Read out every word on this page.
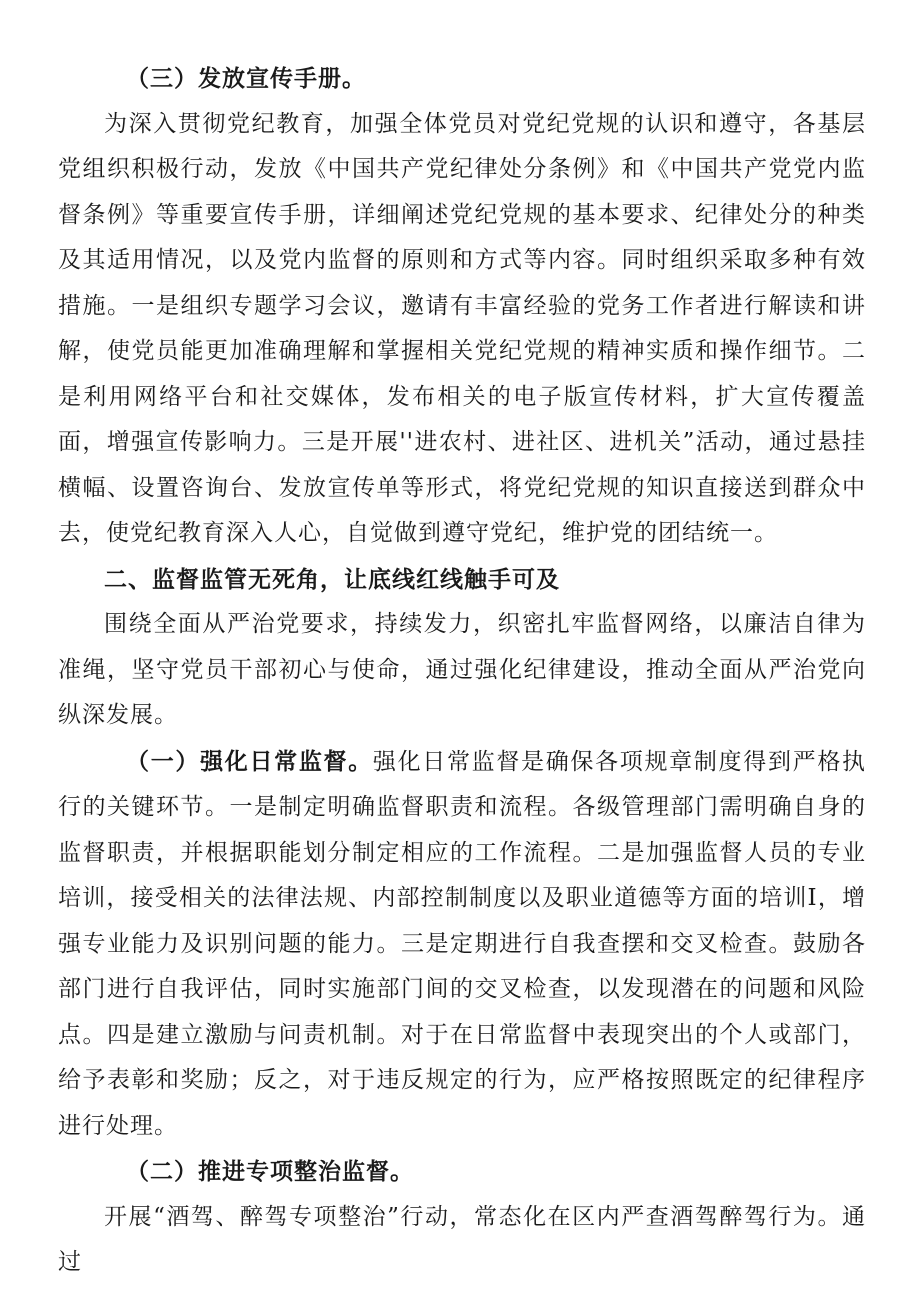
（三）发放宣传手册。

为深入贯彻党纪教育，加强全体党员对党纪党规的认识和遵守，各基层党组织积极行动，发放《中国共产党纪律处分条例》和《中国共产党党内监督条例》等重要宣传手册，详细阐述党纪党规的基本要求、纪律处分的种类及其适用情况，以及党内监督的原则和方式等内容。同时组织采取多种有效措施。一是组织专题学习会议，邀请有丰富经验的党务工作者进行解读和讲解，使党员能更加准确理解和掌握相关党纪党规的精神实质和操作细节。二是利用网络平台和社交媒体，发布相关的电子版宣传材料，扩大宣传覆盖面，增强宣传影响力。三是开展''进农村、进社区、进机关”活动，通过悬挂横幅、设置咨询台、发放宣传单等形式，将党纪党规的知识直接送到群众中去，使党纪教育深入人心，自觉做到遵守党纪，维护党的团结统一。

二、监督监管无死角，让底线红线触手可及

围绕全面从严治党要求，持续发力，织密扎牢监督网络，以廉洁自律为准绳，坚守党员干部初心与使命，通过强化纪律建设，推动全面从严治党向纵深发展。

（一）强化日常监督。强化日常监督是确保各项规章制度得到严格执行的关键环节。一是制定明确监督职责和流程。各级管理部门需明确自身的监督职责，并根据职能划分制定相应的工作流程。二是加强监督人员的专业培训，接受相关的法律法规、内部控制制度以及职业道德等方面的培训I，增强专业能力及识别问题的能力。三是定期进行自我查摆和交叉检查。鼓励各部门进行自我评估，同时实施部门间的交叉检查，以发现潜在的问题和风险点。四是建立激励与问责机制。对于在日常监督中表现突出的个人或部门，给予表彰和奖励；反之，对于违反规定的行为，应严格按照既定的纪律程序进行处理。

（二）推进专项整治监督。

开展“酒驾、醉驾专项整治”行动，常态化在区内严查酒驾醉驾行为。通过
